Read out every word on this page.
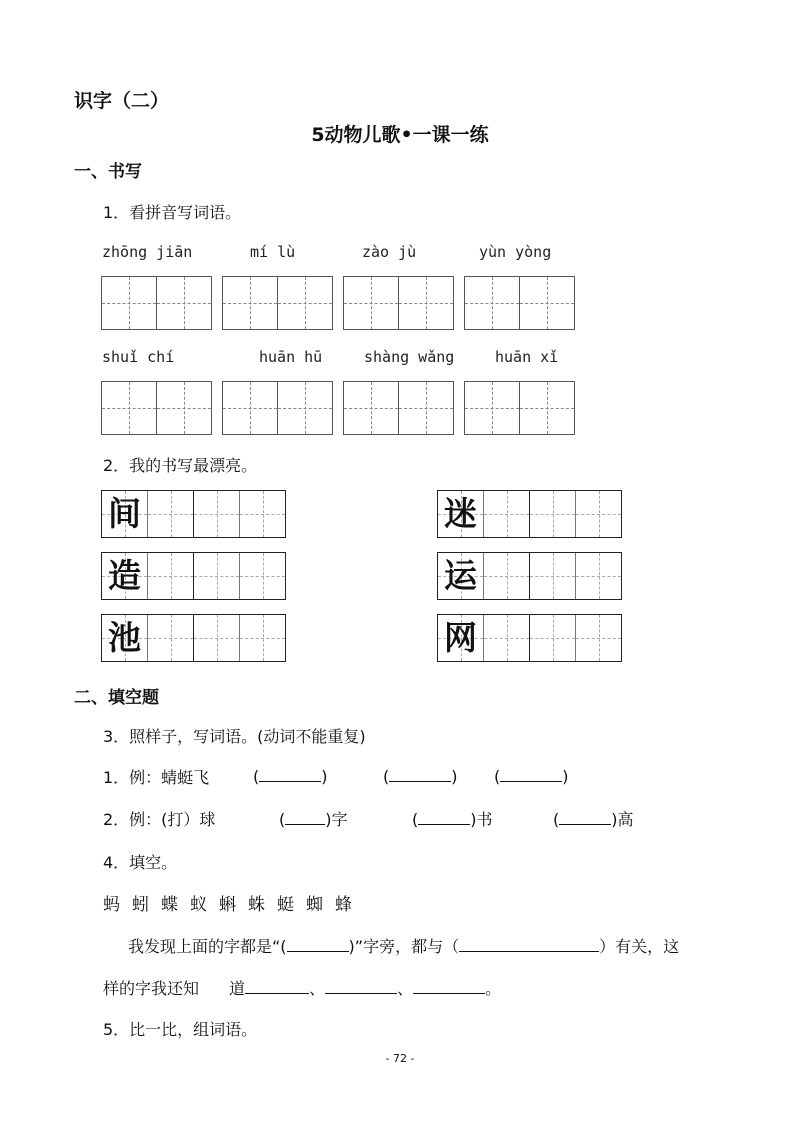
识字（二）
5动物儿歌•一课一练
一、书写
1．看拼音写词语。
zhōng jiān	mí lù	zào jù	yùn yòng
shuǐ chí	huān hū	shàng wǎng	huān xǐ
2．我的书写最漂亮。
间
造
池
迷
运
网
二、填空题
3．照样子，写词语。(动词不能重复)
1．例：蜻蜓飞	(	)	(	) (	)
2．例：(打）球	(	)字	(	)书	(	)高
4．填空。
蚂 蚓 蝶 蚁 蝌 蛛 蜓 蜘 蜂
我发现上面的字都是“(	)”字旁，都与（	）有关，这
样的字我还知 道	、	、	。
5．比一比，组词语。
- 72 -
